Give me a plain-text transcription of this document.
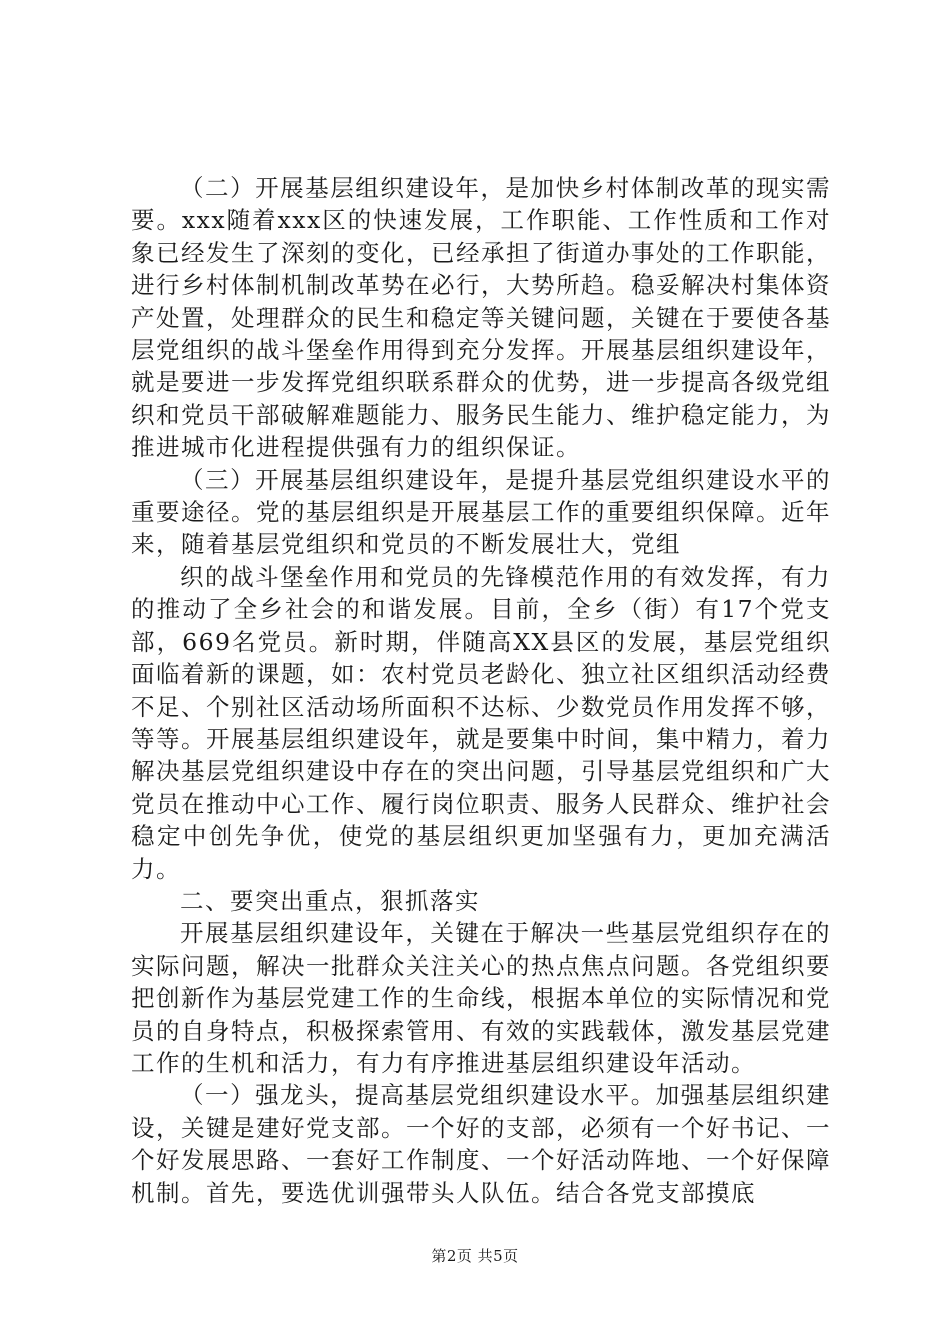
（二）开展基层组织建设年，是加快乡村体制改革的现实需要。xxx随着xxx区的快速发展，工作职能、工作性质和工作对象已经发生了深刻的变化，已经承担了街道办事处的工作职能，进行乡村体制机制改革势在必行，大势所趋。稳妥解决村集体资产处置，处理群众的民生和稳定等关键问题，关键在于要使各基层党组织的战斗堡垒作用得到充分发挥。开展基层组织建设年，就是要进一步发挥党组织联系群众的优势，进一步提高各级党组织和党员干部破解难题能力、服务民生能力、维护稳定能力，为推进城市化进程提供强有力的组织保证。

（三）开展基层组织建设年，是提升基层党组织建设水平的重要途径。党的基层组织是开展基层工作的重要组织保障。近年来，随着基层党组织和党员的不断发展壮大，党组

织的战斗堡垒作用和党员的先锋模范作用的有效发挥，有力的推动了全乡社会的和谐发展。目前，全乡（街）有17个党支部，669名党员。新时期，伴随高XX县区的发展，基层党组织面临着新的课题，如：农村党员老龄化、独立社区组织活动经费不足、个别社区活动场所面积不达标、少数党员作用发挥不够，等等。开展基层组织建设年，就是要集中时间，集中精力，着力解决基层党组织建设中存在的突出问题，引导基层党组织和广大党员在推动中心工作、履行岗位职责、服务人民群众、维护社会稳定中创先争优，使党的基层组织更加坚强有力，更加充满活力。

二、要突出重点，狠抓落实

开展基层组织建设年，关键在于解决一些基层党组织存在的实际问题，解决一批群众关注关心的热点焦点问题。各党组织要把创新作为基层党建工作的生命线，根据本单位的实际情况和党员的自身特点，积极探索管用、有效的实践载体，激发基层党建工作的生机和活力，有力有序推进基层组织建设年活动。

（一）强龙头，提高基层党组织建设水平。加强基层组织建设，关键是建好党支部。一个好的支部，必须有一个好书记、一个好发展思路、一套好工作制度、一个好活动阵地、一个好保障机制。首先，要选优训强带头人队伍。结合各党支部摸底

第2页 共5页
